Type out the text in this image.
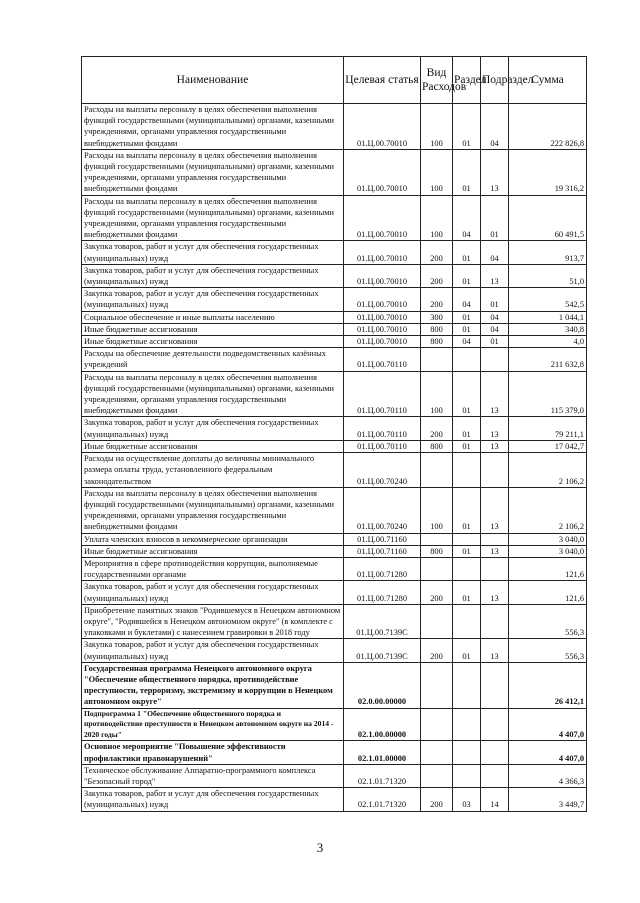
Наименование	Целевая статья	Вид Расходов	Раздел	Подраздел	Сумма
Расходы на выплаты персоналу в целях обеспечения выполнения функций государственными (муниципальными) органами, казенными учреждениями, органами управления государственными внебюджетными фондами	01.Ц.00.70010	100	01	04	222 826,8
Расходы на выплаты персоналу в целях обеспечения выполнения функций государственными (муниципальными) органами, казенными учреждениями, органами управления государственными внебюджетными фондами	01.Ц.00.70010	100	01	13	19 316,2
Расходы на выплаты персоналу в целях обеспечения выполнения функций государственными (муниципальными) органами, казенными учреждениями, органами управления государственными внебюджетными фондами	01.Ц.00.70010	100	04	01	60 491,5
Закупка товаров, работ и услуг для обеспечения государственных (муниципальных) нужд	01.Ц.00.70010	200	01	04	913,7
Закупка товаров, работ и услуг для обеспечения государственных (муниципальных) нужд	01.Ц.00.70010	200	01	13	51,0
Закупка товаров, работ и услуг для обеспечения государственных (муниципальных) нужд	01.Ц.00.70010	200	04	01	542,5
Социальное обеспечение и иные выплаты населению	01.Ц.00.70010	300	01	04	1 044,1
Иные бюджетные ассигнования	01.Ц.00.70010	800	01	04	340,8
Иные бюджетные ассигнования	01.Ц.00.70010	800	04	01	4,0
Расходы на обеспечение деятельности подведомственных казённых учреждений	01.Ц.00.70110				211 632,8
Расходы на выплаты персоналу в целях обеспечения выполнения функций государственными (муниципальными) органами, казенными учреждениями, органами управления государственными внебюджетными фондами	01.Ц.00.70110	100	01	13	115 379,0
Закупка товаров, работ и услуг для обеспечения государственных (муниципальных) нужд	01.Ц.00.70110	200	01	13	79 211,1
Иные бюджетные ассигнования	01.Ц.00.70110	800	01	13	17 042,7
Расходы на осуществление доплаты до величины минимального размера оплаты труда, установленного федеральным законодательством	01.Ц.00.70240				2 106,2
Расходы на выплаты персоналу в целях обеспечения выполнения функций государственными (муниципальными) органами, казенными учреждениями, органами управления государственными внебюджетными фондами	01.Ц.00.70240	100	01	13	2 106,2
Уплата членских взносов в некоммерческие организации	01.Ц.00.71160				3 040,0
Иные бюджетные ассигнования	01.Ц.00.71160	800	01	13	3 040,0
Мероприятия в сфере противодействия коррупции, выполняемые государственными органами	01.Ц.00.71280				121,6
Закупка товаров, работ и услуг для обеспечения государственных (муниципальных) нужд	01.Ц.00.71280	200	01	13	121,6
Приобретение памятных знаков "Родившемуся в Ненецком автономном округе", "Родившейся в Ненецком автономном округе" (в комплекте с упаковками и буклетами) с нанесением гравировки в 2018 году	01.Ц.00.7139С				556,3
Закупка товаров, работ и услуг для обеспечения государственных (муниципальных) нужд	01.Ц.00.7139С	200	01	13	556,3
Государственная программа Ненецкого автономного округа "Обеспечение общественного порядка, противодействие преступности, терроризму, экстремизму и коррупции в Ненецком автономном округе"	02.0.00.00000				26 412,1
Подпрограмма 1 "Обеспечение общественного порядка и противодействие преступности в Ненецком автономном округе на 2014 - 2020 годы"	02.1.00.00000				4 407,0
Основное мероприятие "Повышение эффективности профилактики правонарушений"	02.1.01.00000				4 407,0
Техническое обслуживание Аппаратно-программного комплекса "Безопасный город"	02.1.01.71320				4 366,3
Закупка товаров, работ и услуг для обеспечения государственных (муниципальных) нужд	02.1.01.71320	200	03	14	3 449,7
3
